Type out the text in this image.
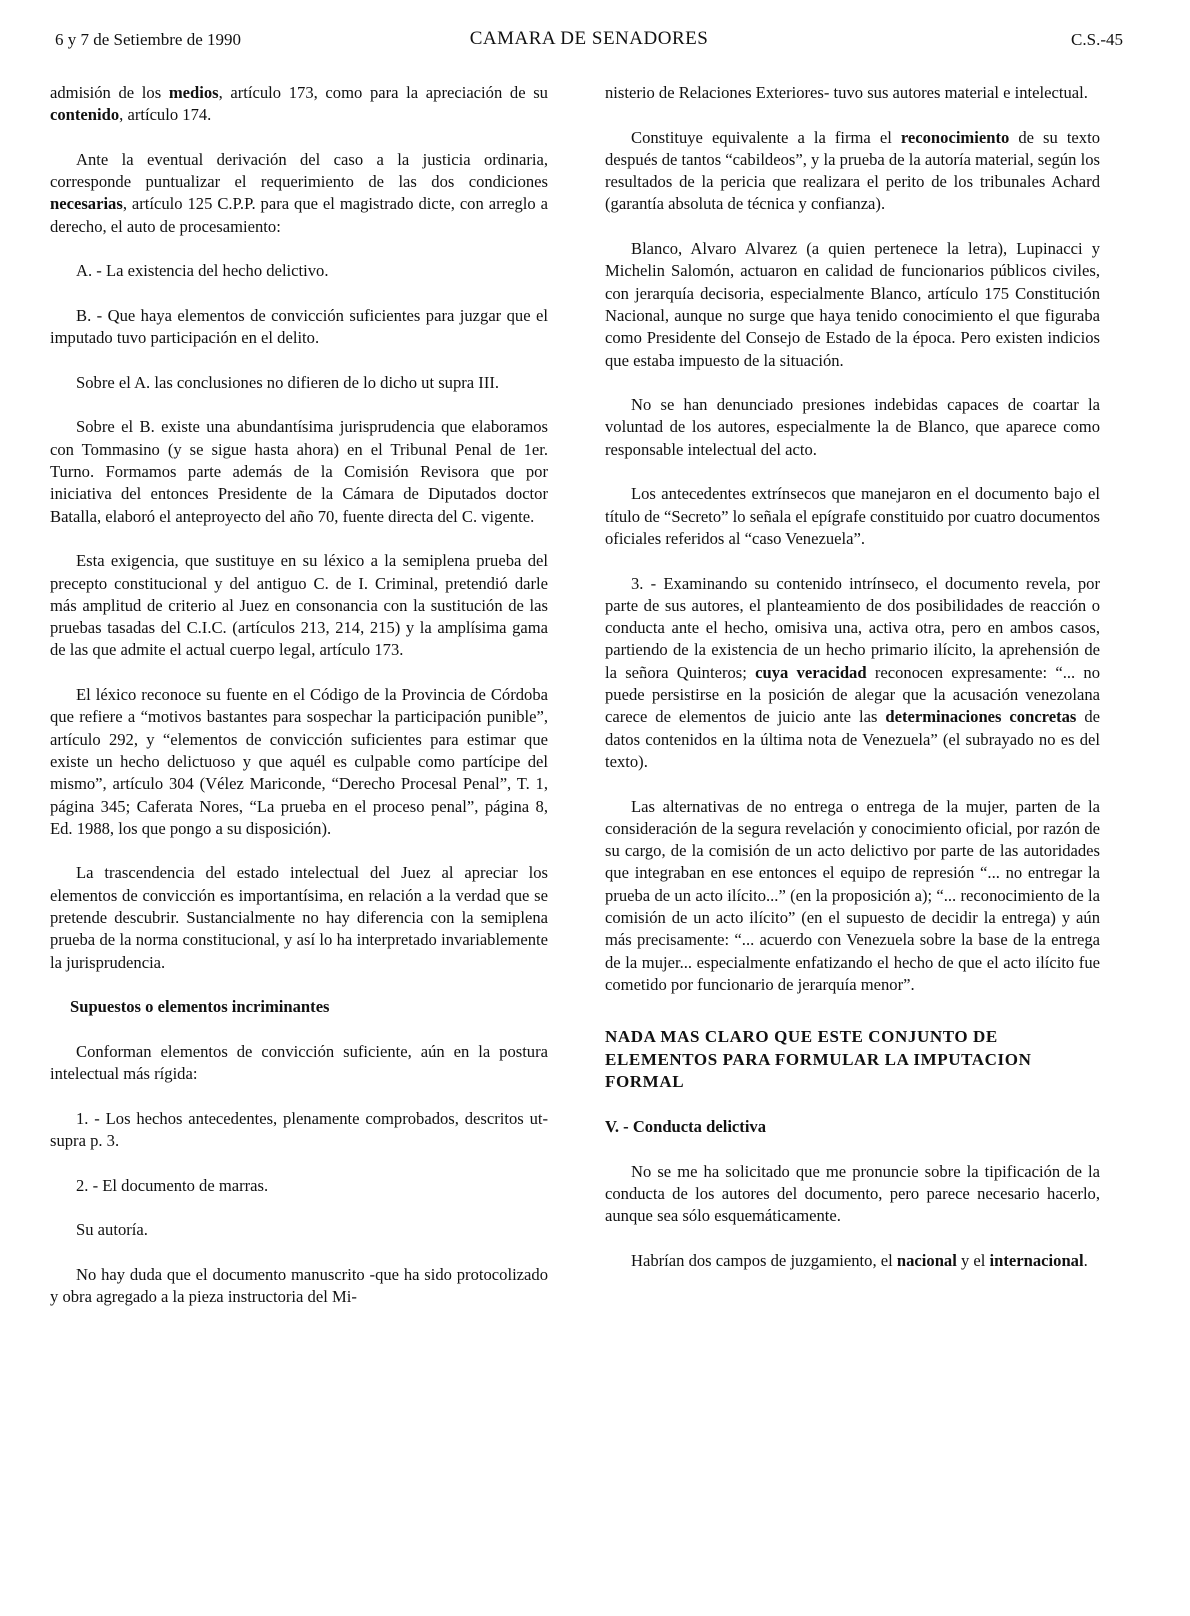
6 y 7 de Setiembre de 1990	CAMARA DE SENADORES	C.S.-45

admisión de los medios, artículo 173, como para la apreciación de su contenido, artículo 174.

Ante la eventual derivación del caso a la justicia ordinaria, corresponde puntualizar el requerimiento de las dos condiciones necesarias, artículo 125 C.P.P. para que el magistrado dicte, con arreglo a derecho, el auto de procesamiento:

A. - La existencia del hecho delictivo.

B. - Que haya elementos de convicción suficientes para juzgar que el imputado tuvo participación en el delito.

Sobre el A. las conclusiones no difieren de lo dicho ut supra III.

Sobre el B. existe una abundantísima jurisprudencia que elaboramos con Tommasino (y se sigue hasta ahora) en el Tribunal Penal de 1er. Turno. Formamos parte además de la Comisión Revisora que por iniciativa del entonces Presidente de la Cámara de Diputados doctor Batalla, elaboró el anteproyecto del año 70, fuente directa del C. vigente.

Esta exigencia, que sustituye en su léxico a la semiplena prueba del precepto constitucional y del antiguo C. de I. Criminal, pretendió darle más amplitud de criterio al Juez en consonancia con la sustitución de las pruebas tasadas del C.I.C. (artículos 213, 214, 215) y la amplísima gama de las que admite el actual cuerpo legal, artículo 173.

El léxico reconoce su fuente en el Código de la Provincia de Córdoba que refiere a “motivos bastantes para sospechar la participación punible”, artículo 292, y “elementos de convicción suficientes para estimar que existe un hecho delictuoso y que aquél es culpable como partícipe del mismo”, artículo 304 (Vélez Mariconde, “Derecho Procesal Penal”, T. 1, página 345; Caferata Nores, “La prueba en el proceso penal”, página 8, Ed. 1988, los que pongo a su disposición).

La trascendencia del estado intelectual del Juez al apreciar los elementos de convicción es importantísima, en relación a la verdad que se pretende descubrir. Sustancialmente no hay diferencia con la semiplena prueba de la norma constitucional, y así lo ha interpretado invariablemente la jurisprudencia.

Supuestos o elementos incriminantes

Conforman elementos de convicción suficiente, aún en la postura intelectual más rígida:

1. - Los hechos antecedentes, plenamente comprobados, descritos ut-supra p. 3.

2. - El documento de marras.

Su autoría.

No hay duda que el documento manuscrito -que ha sido protocolizado y obra agregado a la pieza instructoria del Mi-

nisterio de Relaciones Exteriores- tuvo sus autores material e intelectual.

Constituye equivalente a la firma el reconocimiento de su texto después de tantos “cabildeos”, y la prueba de la autoría material, según los resultados de la pericia que realizara el perito de los tribunales Achard (garantía absoluta de técnica y confianza).

Blanco, Alvaro Alvarez (a quien pertenece la letra), Lupinacci y Michelin Salomón, actuaron en calidad de funcionarios públicos civiles, con jerarquía decisoria, especialmente Blanco, artículo 175 Constitución Nacional, aunque no surge que haya tenido conocimiento el que figuraba como Presidente del Consejo de Estado de la época. Pero existen indicios que estaba impuesto de la situación.

No se han denunciado presiones indebidas capaces de coartar la voluntad de los autores, especialmente la de Blanco, que aparece como responsable intelectual del acto.

Los antecedentes extrínsecos que manejaron en el documento bajo el título de “Secreto” lo señala el epígrafe constituido por cuatro documentos oficiales referidos al “caso Venezuela”.

3. - Examinando su contenido intrínseco, el documento revela, por parte de sus autores, el planteamiento de dos posibilidades de reacción o conducta ante el hecho, omisiva una, activa otra, pero en ambos casos, partiendo de la existencia de un hecho primario ilícito, la aprehensión de la señora Quinteros; cuya veracidad reconocen expresamente: “... no puede persistirse en la posición de alegar que la acusación venezolana carece de elementos de juicio ante las determinaciones concretas de datos contenidos en la última nota de Venezuela” (el subrayado no es del texto).

Las alternativas de no entrega o entrega de la mujer, parten de la consideración de la segura revelación y conocimiento oficial, por razón de su cargo, de la comisión de un acto delictivo por parte de las autoridades que integraban en ese entonces el equipo de represión “... no entregar la prueba de un acto ilícito...” (en la proposición a); “... reconocimiento de la comisión de un acto ilícito” (en el supuesto de decidir la entrega) y aún más precisamente: “... acuerdo con Venezuela sobre la base de la entrega de la mujer... especialmente enfatizando el hecho de que el acto ilícito fue cometido por funcionario de jerarquía menor”.

NADA MAS CLARO QUE ESTE CONJUNTO DE ELEMENTOS PARA FORMULAR LA IMPUTACION FORMAL

V. - Conducta delictiva

No se me ha solicitado que me pronuncie sobre la tipificación de la conducta de los autores del documento, pero parece necesario hacerlo, aunque sea sólo esquemáticamente.

Habrían dos campos de juzgamiento, el nacional y el internacional.
